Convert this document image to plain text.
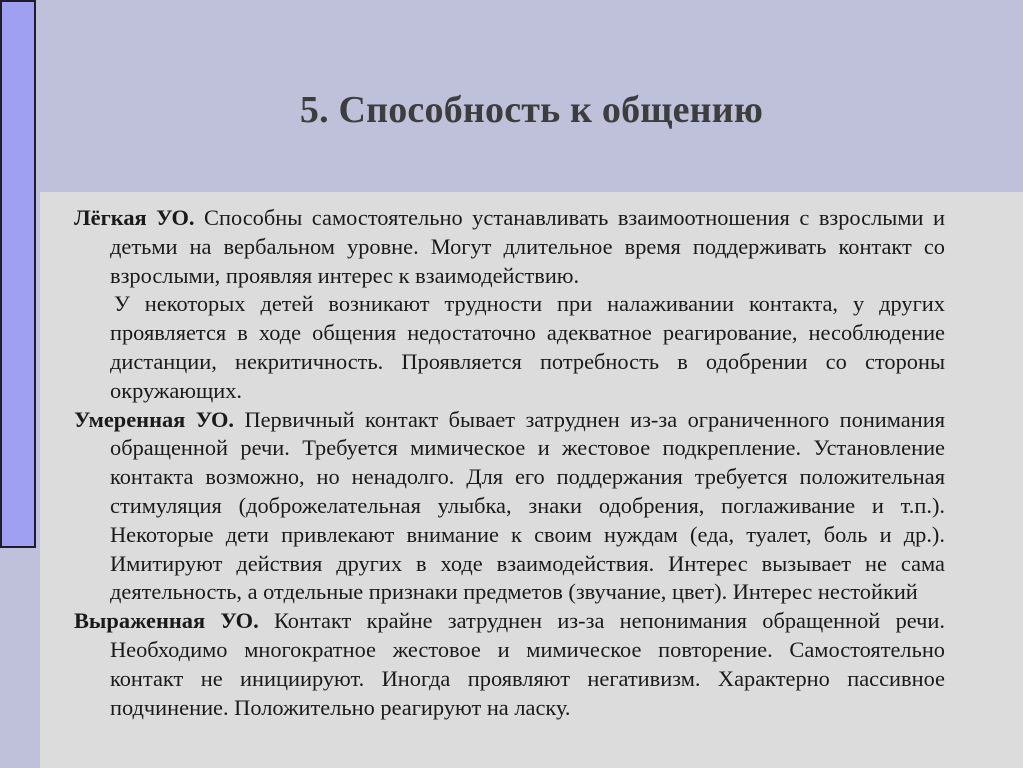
5. Способность к общению

Лёгкая УО. Способны самостоятельно устанавливать взаимоотношения с взрослыми и детьми на вербальном уровне. Могут длительное время поддерживать контакт со взрослыми, проявляя интерес к взаимодействию.

У некоторых детей возникают трудности при налаживании контакта, у других проявляется в ходе общения недостаточно адекватное реагирование, несоблюдение дистанции, некритичность. Проявляется потребность в одобрении со стороны окружающих.

Умеренная УО. Первичный контакт бывает затруднен из-за ограниченного понимания обращенной речи. Требуется мимическое и жестовое подкрепление. Установление контакта возможно, но ненадолго. Для его поддержания требуется положительная стимуляция (доброжелательная улыбка, знаки одобрения, поглаживание и т.п.). Некоторые дети привлекают внимание к своим нуждам (еда, туалет, боль и др.). Имитируют действия других в ходе взаимодействия. Интерес вызывает не сама деятельность, а отдельные признаки предметов (звучание, цвет). Интерес нестойкий

Выраженная УО. Контакт крайне затруднен из-за непонимания обращенной речи. Необходимо многократное жестовое и мимическое повторение. Самостоятельно контакт не инициируют. Иногда проявляют негативизм. Характерно пассивное подчинение. Положительно реагируют на ласку.
